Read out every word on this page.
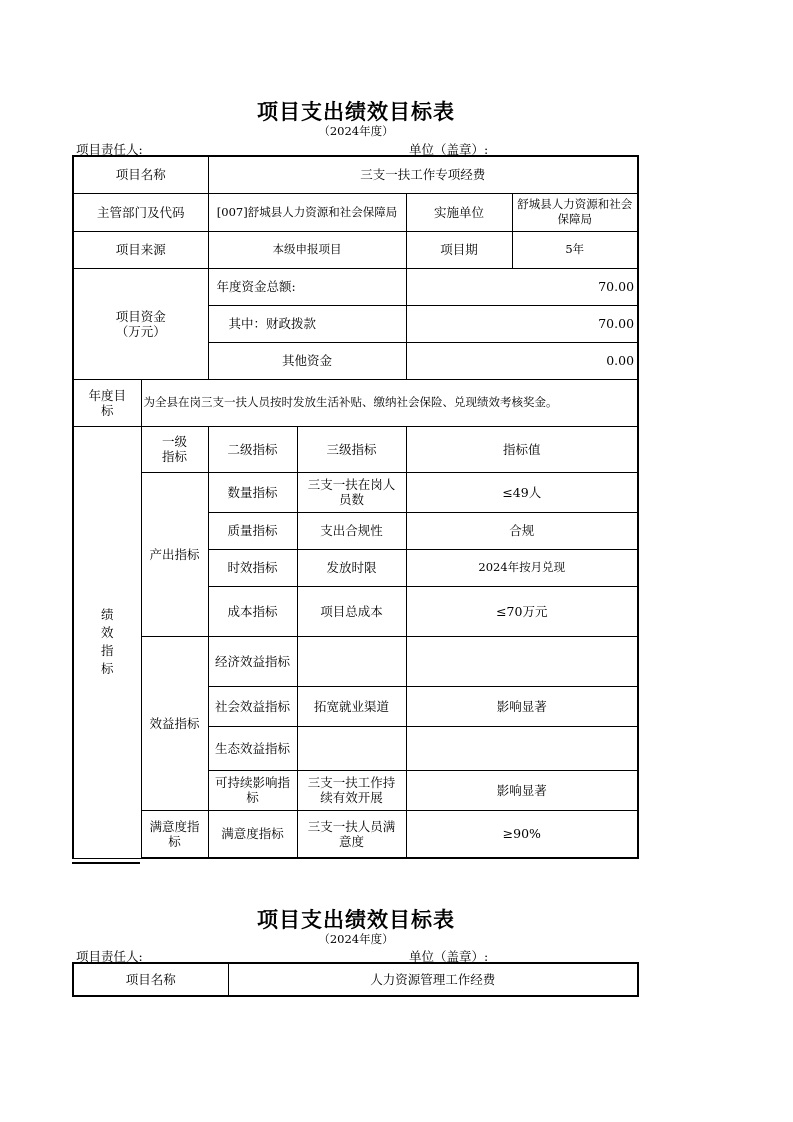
项目支出绩效目标表
（2024年度）
项目责任人:	单位（盖章）:
项目名称		三支一扶工作专项经费			
主管部门及代码		[007]舒城县人力资源和社会保障局		实施单位	舒城县人力资源和社会保障局
项目来源		本级申报项目		项目期	5年
项目资金（万元）		年度资金总额:		70.00	
		其中：财政拨款		70.00	
		其他资金		0.00	
年度目标	为全县在岗三支一扶人员按时发放生活补贴、缴纳社会保险、兑现绩效考核奖金。				
绩效指标	一级指标	二级指标	三级指标	指标值	
	产出指标	数量指标	三支一扶在岗人员数	≤49人	
		质量指标	支出合规性	合规	
		时效指标	发放时限	2024年按月兑现	
		成本指标	项目总成本	≤70万元	
	效益指标	经济效益指标			
		社会效益指标	拓宽就业渠道	影响显著	
		生态效益指标			
		可持续影响指标	三支一扶工作持续有效开展	影响显著	
	满意度指标	满意度指标	三支一扶人员满意度	≥90%	
项目支出绩效目标表
（2024年度）
项目责任人:	单位（盖章）:
项目名称	人力资源管理工作经费
